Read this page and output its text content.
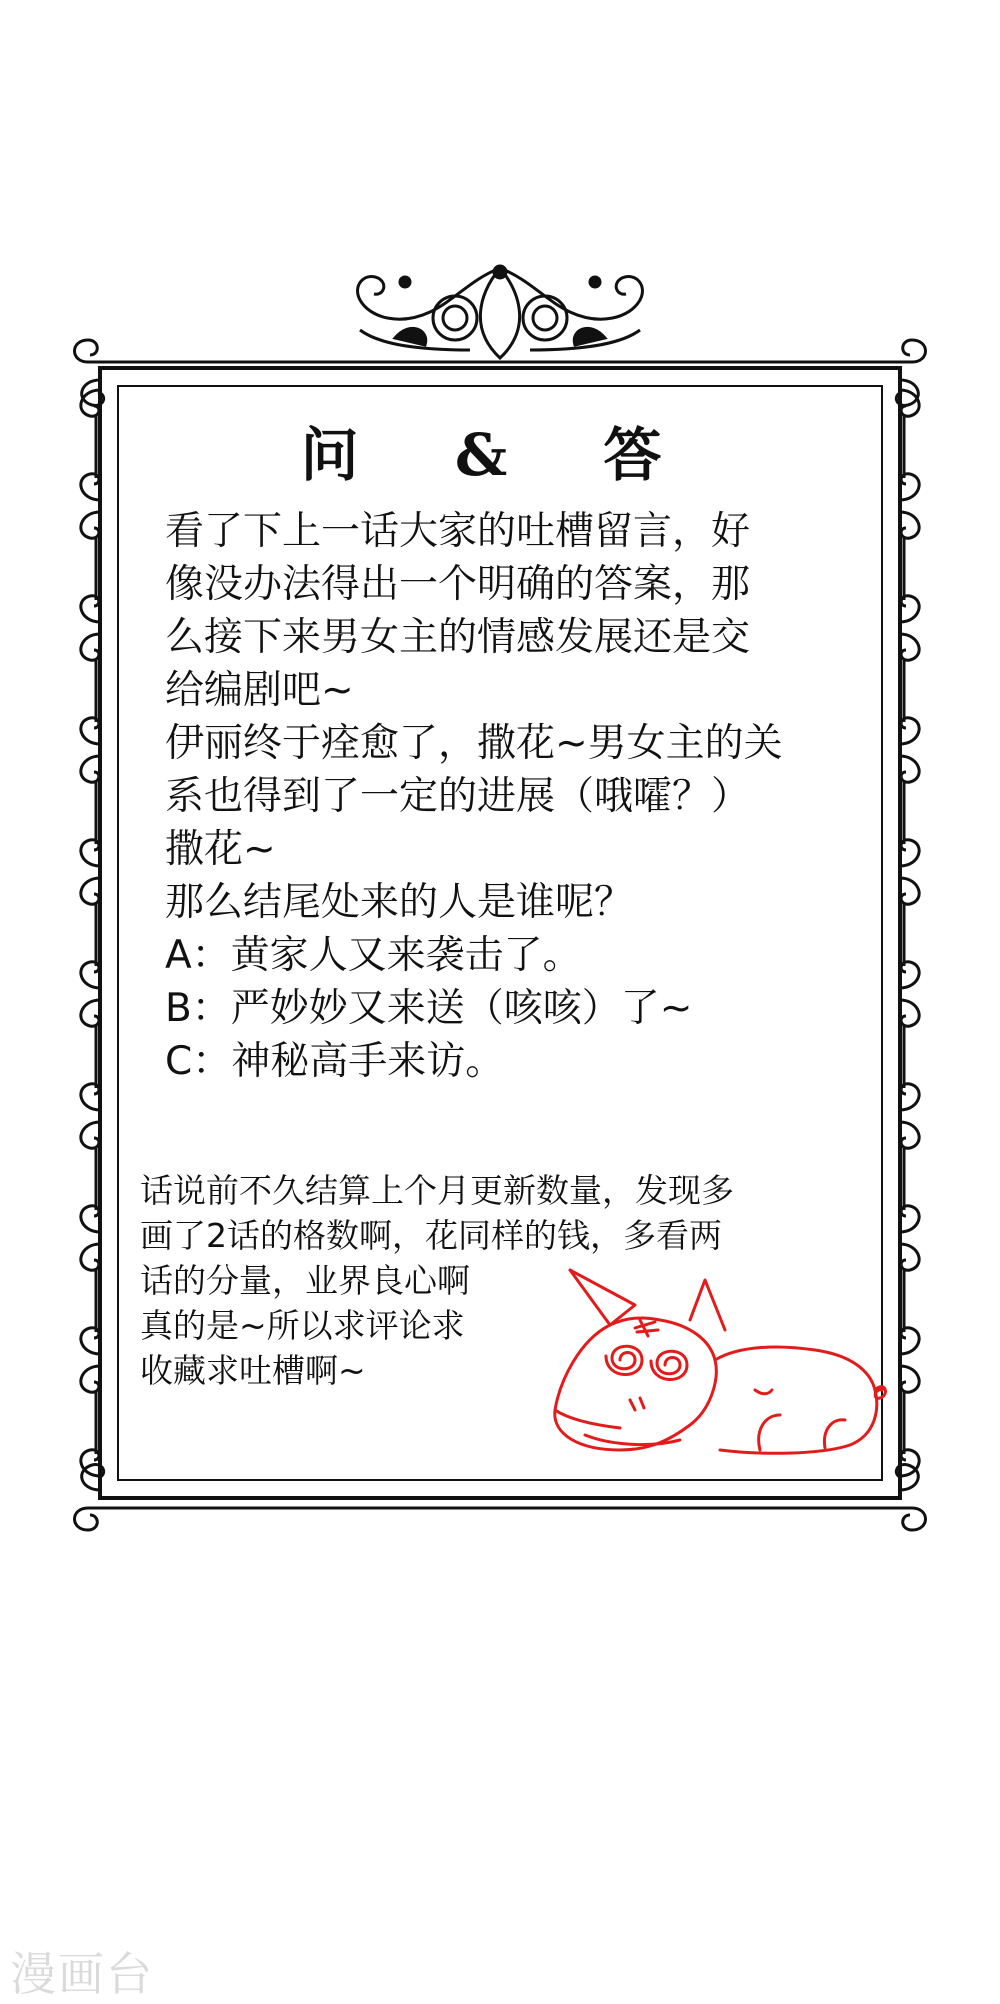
问 & 答
看了下上一话大家的吐槽留言，好
像没办法得出一个明确的答案，那
么接下来男女主的情感发展还是交
给编剧吧~
伊丽终于痊愈了，撒花~男女主的关
系也得到了一定的进展（哦嚯？）
撒花~
那么结尾处来的人是谁呢？
A：黄家人又来袭击了。
B：严妙妙又来送（咳咳）了~
C：神秘高手来访。
话说前不久结算上个月更新数量，发现多
画了2话的格数啊，花同样的钱，多看两
话的分量，业界良心啊
真的是~所以求评论求
收藏求吐槽啊~
漫画台
